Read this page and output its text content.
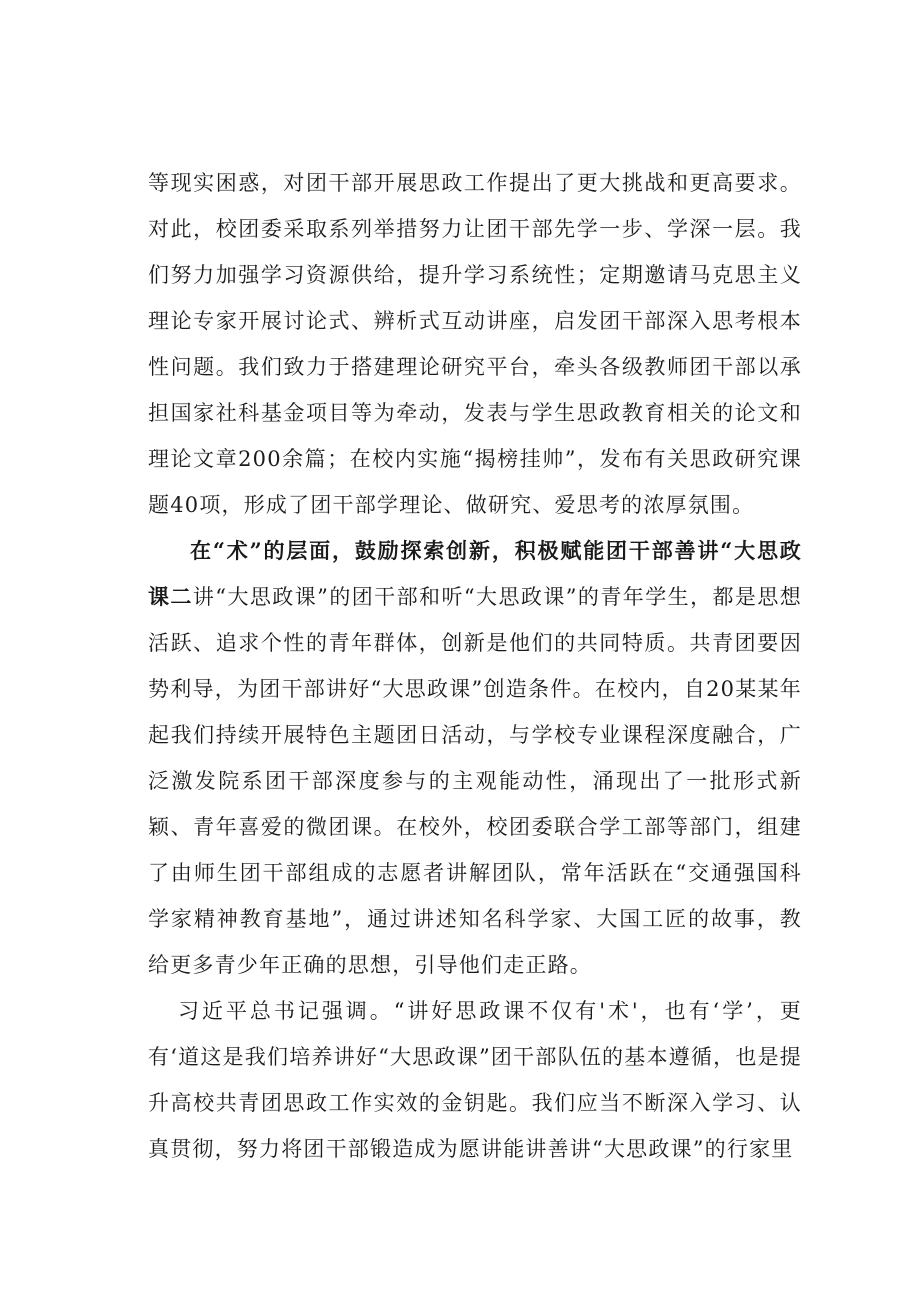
等现实困惑，对团干部开展思政工作提出了更大挑战和更高要求。对此，校团委采取系列举措努力让团干部先学一步、学深一层。我们努力加强学习资源供给，提升学习系统性；定期邀请马克思主义理论专家开展讨论式、辨析式互动讲座，启发团干部深入思考根本性问题。我们致力于搭建理论研究平台，牵头各级教师团干部以承担国家社科基金项目等为牵动，发表与学生思政教育相关的论文和理论文章200余篇；在校内实施“揭榜挂帅”，发布有关思政研究课题40项，形成了团干部学理论、做研究、爱思考的浓厚氛围。

在“术”的层面，鼓励探索创新，积极赋能团干部善讲“大思政课二讲“大思政课”的团干部和听“大思政课”的青年学生，都是思想活跃、追求个性的青年群体，创新是他们的共同特质。共青团要因势利导，为团干部讲好“大思政课”创造条件。在校内，自20某某年起我们持续开展特色主题团日活动，与学校专业课程深度融合，广泛激发院系团干部深度参与的主观能动性，涌现出了一批形式新颖、青年喜爱的微团课。在校外，校团委联合学工部等部门，组建了由师生团干部组成的志愿者讲解团队，常年活跃在“交通强国科学家精神教育基地”，通过讲述知名科学家、大国工匠的故事，教给更多青少年正确的思想，引导他们走正路。

习近平总书记强调。“讲好思政课不仅有'术'，也有‘学’，更有‘道这是我们培养讲好“大思政课”团干部队伍的基本遵循，也是提升高校共青团思政工作实效的金钥匙。我们应当不断深入学习、认真贯彻，努力将团干部锻造成为愿讲能讲善讲“大思政课”的行家里
